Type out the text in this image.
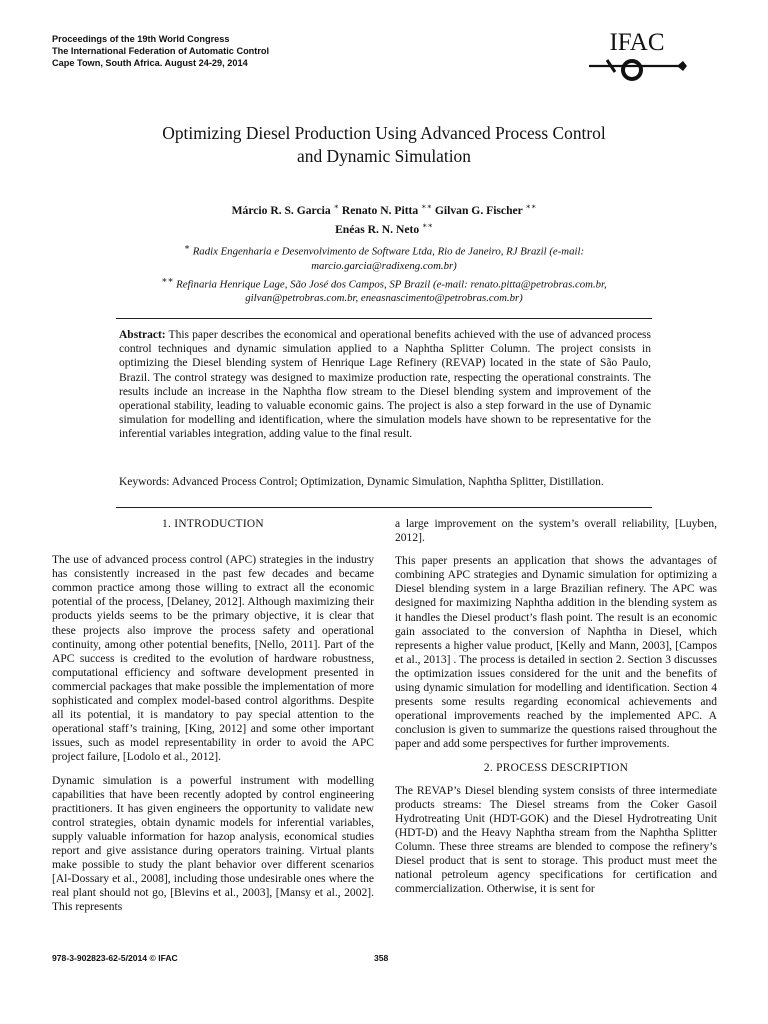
Proceedings of the 19th World Congress
The International Federation of Automatic Control
Cape Town, South Africa. August 24-29, 2014
IFAC
Optimizing Diesel Production Using Advanced Process Control and Dynamic Simulation
Márcio R. S. Garcia ∗ Renato N. Pitta ∗∗ Gilvan G. Fischer ∗∗
Enéas R. N. Neto ∗∗
∗ Radix Engenharia e Desenvolvimento de Software Ltda, Rio de Janeiro, RJ Brazil (e-mail: marcio.garcia@radixeng.com.br)
∗∗ Refinaria Henrique Lage, São José dos Campos, SP Brazil (e-mail: renato.pitta@petrobras.com.br, gilvan@petrobras.com.br, eneasnascimento@petrobras.com.br)
Abstract: This paper describes the economical and operational benefits achieved with the use of advanced process control techniques and dynamic simulation applied to a Naphtha Splitter Column. The project consists in optimizing the Diesel blending system of Henrique Lage Refinery (REVAP) located in the state of São Paulo, Brazil. The control strategy was designed to maximize production rate, respecting the operational constraints. The results include an increase in the Naphtha flow stream to the Diesel blending system and improvement of the operational stability, leading to valuable economic gains. The project is also a step forward in the use of Dynamic simulation for modelling and identification, where the simulation models have shown to be representative for the inferential variables integration, adding value to the final result.
Keywords: Advanced Process Control; Optimization, Dynamic Simulation, Naphtha Splitter, Distillation.
1. INTRODUCTION

The use of advanced process control (APC) strategies in the industry has consistently increased in the past few decades and became common practice among those willing to extract all the economic potential of the process, [Delaney, 2012]. Although maximizing their products yields seems to be the primary objective, it is clear that these projects also improve the process safety and operational continuity, among other potential benefits, [Nello, 2011]. Part of the APC success is credited to the evolution of hardware robustness, computational efficiency and software development presented in commercial packages that make possible the implementation of more sophisticated and complex model-based control algorithms. Despite all its potential, it is mandatory to pay special attention to the operational staff’s training, [King, 2012] and some other important issues, such as model representability in order to avoid the APC project failure, [Lodolo et al., 2012].

Dynamic simulation is a powerful instrument with modelling capabilities that have been recently adopted by control engineering practitioners. It has given engineers the opportunity to validate new control strategies, obtain dynamic models for inferential variables, supply valuable information for hazop analysis, economical studies report and give assistance during operators training. Virtual plants make possible to study the plant behavior over different scenarios [Al-Dossary et al., 2008], including those undesirable ones where the real plant should not go, [Blevins et al., 2003], [Mansy et al., 2002]. This represents

a large improvement on the system’s overall reliability, [Luyben, 2012].

This paper presents an application that shows the advantages of combining APC strategies and Dynamic simulation for optimizing a Diesel blending system in a large Brazilian refinery. The APC was designed for maximizing Naphtha addition in the blending system as it handles the Diesel product’s flash point. The result is an economic gain associated to the conversion of Naphtha in Diesel, which represents a higher value product, [Kelly and Mann, 2003], [Campos et al., 2013] . The process is detailed in section 2. Section 3 discusses the optimization issues considered for the unit and the benefits of using dynamic simulation for modelling and identification. Section 4 presents some results regarding economical achievements and operational improvements reached by the implemented APC. A conclusion is given to summarize the questions raised throughout the paper and add some perspectives for further improvements.

2. PROCESS DESCRIPTION

The REVAP’s Diesel blending system consists of three intermediate products streams: The Diesel streams from the Coker Gasoil Hydrotreating Unit (HDT-GOK) and the Diesel Hydrotreating Unit (HDT-D) and the Heavy Naphtha stream from the Naphtha Splitter Column. These three streams are blended to compose the refinery’s Diesel product that is sent to storage. This product must meet the national petroleum agency specifications for certification and commercialization. Otherwise, it is sent for

978-3-902823-62-5/2014 © IFAC	358
